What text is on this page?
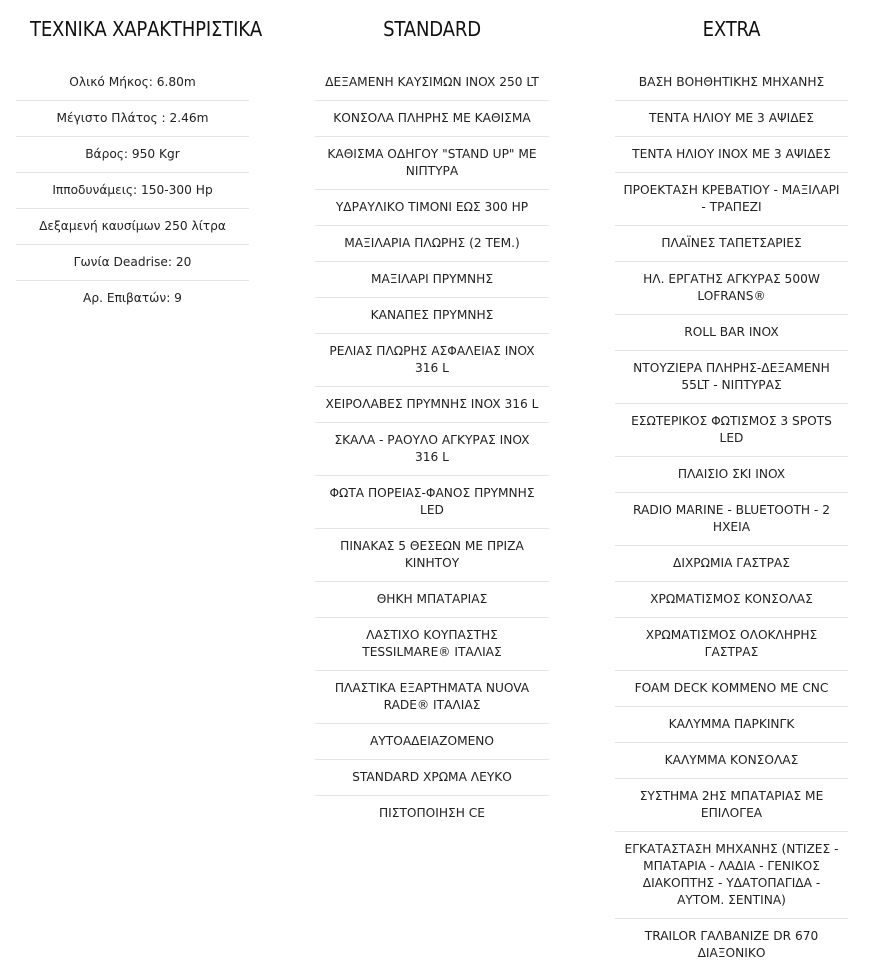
ΤΕΧΝΙΚΑ ΧΑΡΑΚΤΗΡΙΣΤΙΚΑ
Ολικό Μήκος: 6.80m
Μέγιστο Πλάτος : 2.46m
Βάρος: 950 Kgr
Ιπποδυνάμεις: 150-300 Hp
Δεξαμενή καυσίμων 250 λίτρα
Γωνία Deadrise: 20
Αρ. Επιβατών: 9
STANDARD
ΔΕΞΑΜΕΝΗ ΚΑΥΣΙΜΩΝ INOX 250 LT
ΚΟΝΣΟΛΑ ΠΛΗΡΗΣ ΜΕ ΚΑΘΙΣΜΑ
ΚΑΘΙΣΜΑ ΟΔΗΓΟΥ "STAND UP" ΜΕ ΝΙΠΤΥΡΑ
ΥΔΡΑΥΛΙΚΟ ΤΙΜΟΝΙ ΕΩΣ 300 HP
ΜΑΞΙΛΑΡΙΑ ΠΛΩΡΗΣ (2 ΤΕΜ.)
ΜΑΞΙΛΑΡΙ ΠΡΥΜΝΗΣ
ΚΑΝΑΠΕΣ ΠΡΥΜΝΗΣ
ΡΕΛΙΑΣ ΠΛΩΡΗΣ ΑΣΦΑΛΕΙΑΣ INOX 316 L
ΧΕΙΡΟΛΑΒΕΣ ΠΡΥΜΝΗΣ INOX 316 L
ΣΚΑΛΑ - ΡΑΟΥΛΟ ΑΓΚΥΡΑΣ INOX 316 L
ΦΩΤΑ ΠΟΡΕΙΑΣ-ΦΑΝΟΣ ΠΡΥΜΝΗΣ LED
ΠΙΝΑΚΑΣ 5 ΘΕΣΕΩΝ ΜΕ ΠΡΙΖΑ ΚΙΝΗΤΟΥ
ΘΗΚΗ ΜΠΑΤΑΡΙΑΣ
ΛΑΣΤΙΧΟ ΚΟΥΠΑΣΤΗΣ TESSILMARE® ΙΤΑΛΙΑΣ
ΠΛΑΣΤΙΚΑ ΕΞΑΡΤΗΜΑΤΑ NUOVA RADE® ΙΤΑΛΙΑΣ
ΑΥΤΟΑΔΕΙΑΖΟΜΕΝΟ
STANDARD ΧΡΩΜΑ ΛΕΥΚΟ
ΠΙΣΤΟΠΟΙΗΣΗ CE
EXTRA
ΒΑΣΗ ΒΟΗΘΗΤΙΚΗΣ ΜΗΧΑΝΗΣ
ΤΕΝΤΑ ΗΛΙΟΥ ΜΕ 3 ΑΨΙΔΕΣ
ΤΕΝΤΑ ΗΛΙΟΥ INOX ΜΕ 3 ΑΨΙΔΕΣ
ΠΡΟΕΚΤΑΣΗ ΚΡΕΒΑΤΙΟΥ - ΜΑΞΙΛΑΡΙ - ΤΡΑΠΕΖΙ
ΠΛΑΪΝΕΣ ΤΑΠΕΤΣΑΡΙΕΣ
ΗΛ. ΕΡΓΑΤΗΣ ΑΓΚΥΡΑΣ 500W LOFRANS®
ROLL BAR INOX
ΝΤΟΥΖΙΕΡΑ ΠΛΗΡΗΣ-ΔΕΞΑΜΕΝΗ 55LT - ΝΙΠΤΥΡΑΣ
ΕΣΩΤΕΡΙΚΟΣ ΦΩΤΙΣΜΟΣ 3 SPOTS LED
ΠΛΑΙΣΙΟ ΣΚΙ INOX
RADIO MARINE - BLUETOOTH - 2 ΗΧΕΙΑ
ΔΙΧΡΩΜΙΑ ΓΑΣΤΡΑΣ
ΧΡΩΜΑΤΙΣΜΟΣ ΚΟΝΣΟΛΑΣ
ΧΡΩΜΑΤΙΣΜΟΣ ΟΛΟΚΛΗΡΗΣ ΓΑΣΤΡΑΣ
FOAM DECK ΚΟΜΜΕΝΟ ΜΕ CNC
ΚΑΛΥΜΜΑ ΠΑΡΚΙΝΓΚ
ΚΑΛΥΜΜΑ ΚΟΝΣΟΛΑΣ
ΣΥΣΤΗΜΑ 2ΗΣ ΜΠΑΤΑΡΙΑΣ ΜΕ ΕΠΙΛΟΓΕΑ
ΕΓΚΑΤΑΣΤΑΣΗ ΜΗΧΑΝΗΣ (ΝΤΙΖΕΣ - ΜΠΑΤΑΡΙΑ - ΛΑΔΙΑ - ΓΕΝΙΚΟΣ ΔΙΑΚΟΠΤΗΣ - ΥΔΑΤΟΠΑΓΙΔΑ - ΑΥΤΟΜ. ΣΕΝΤΙΝΑ)
TRAILOR ΓΑΛΒΑΝΙΖΕ DR 670 ΔΙΑΞΟΝΙΚΟ
